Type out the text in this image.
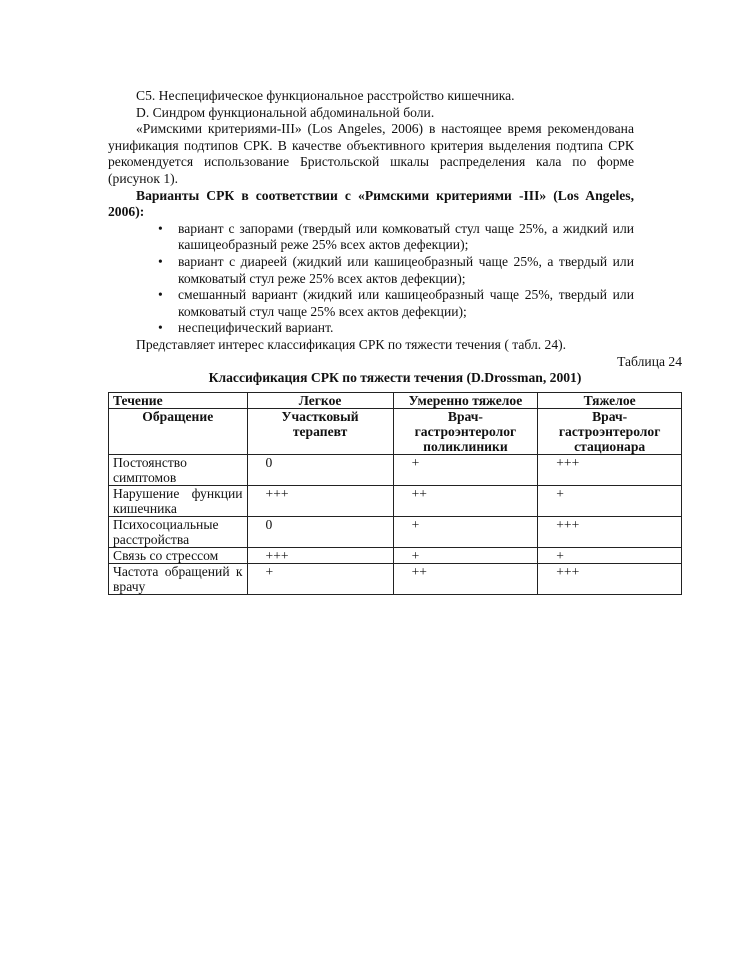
С5. Неспецифическое функциональное расстройство кишечника.

D. Синдром функциональной абдоминальной боли.

«Римскими критериями-III» (Los Angeles, 2006) в настоящее время рекомендована унификация подтипов СРК. В качестве объективного критерия выделения подтипа СРК рекомендуется использование Бристольской шкалы распределения кала по форме (рисунок 1).

Варианты СРК в соответствии с «Римскими критериями -III» (Los Angeles, 2006):

• вариант с запорами (твердый или комковатый стул чаще 25%, а жидкий или кашицеобразный реже 25% всех актов дефекции);
• вариант с диареей (жидкий или кашицеобразный чаще 25%, а твердый или комковатый стул реже 25% всех актов дефекции);
• смешанный вариант (жидкий или кашицеобразный чаще 25%, твердый или комковатый стул чаще 25% всех актов дефекции);
• неспецифический вариант.

Представляет интерес классификация СРК по тяжести течения ( табл. 24).

Таблица 24

Классификация СРК по тяжести течения (D.Drossman, 2001)

Течение	Легкое	Умеренно тяжелое	Тяжелое
Обращение	Участковый терапевт	Врач-гастроэнтеролог поликлиники	Врач-гастроэнтеролог стационара
Постоянство симптомов	0	+	+++
Нарушение функции кишечника	+++	++	+
Психосоциальные расстройства	0	+	+++
Связь со стрессом	+++	+	+
Частота обращений к врачу	+	++	+++
